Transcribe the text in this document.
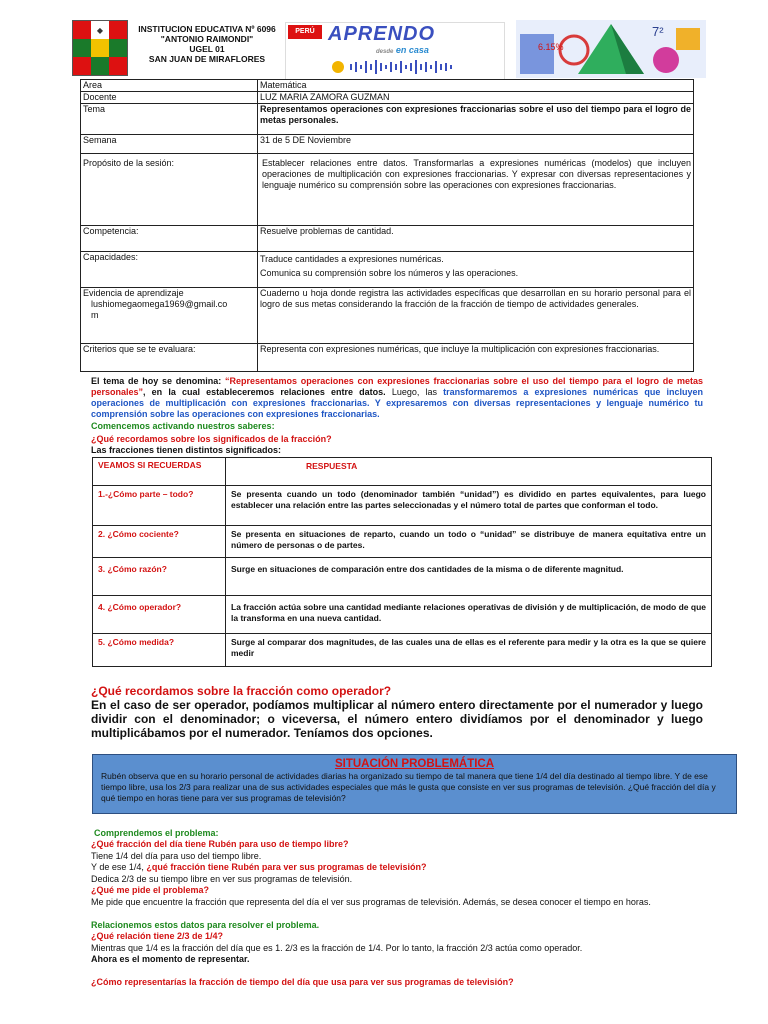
◆	INSTITUCION EDUCATIVA Nº 6096
"ANTONIO RAIMONDI"
UGEL 01
SAN JUAN DE MIRAFLORES
PERÚ APRENDO
desde en casa	6.15%
7²
Area	Matemática
Docente	LUZ MARIA ZAMORA GUZMAN
Tema	Representamos operaciones con expresiones fraccionarias sobre el uso del tiempo para el logro de metas personales.
Semana	31 de 5 DE Noviembre
Propósito de la sesión:	Establecer relaciones entre datos. Transformarlas a expresiones numéricas (modelos) que incluyen operaciones de multiplicación con expresiones fraccionarias. Y expresar con diversas representaciones y lenguaje numérico su comprensión sobre las operaciones con expresiones fraccionarias.
Competencia:	Resuelve problemas de cantidad.
Capacidades:	Traduce cantidades a expresiones numéricas.
Comunica su comprensión sobre los números y las operaciones.

Evidencia de aprendizaje
lushiomegaomega1969@gmail.co
m	Cuaderno u hoja donde registra las actividades específicas que desarrollan en su horario personal para el logro de sus metas considerando la fracción de la fracción de tiempo de actividades generales.
Criterios que se te evaluara:	Representa con expresiones numéricas, que incluye la multiplicación con expresiones fraccionarias.
El tema de hoy se denomina: “Representamos operaciones con expresiones fraccionarias sobre el uso del tiempo para el logro de metas personales”, en la cual estableceremos relaciones entre datos. Luego, las transformaremos a expresiones numéricas que incluyen operaciones de multiplicación con expresiones fraccionarias. Y expresaremos con diversas representaciones y lenguaje numérico tu comprensión sobre las operaciones con expresiones fraccionarias.
Comencemos activando nuestros saberes:
¿Qué recordamos sobre los significados de la fracción?
Las fracciones tienen distintos significados:
VEAMOS SI RECUERDAS	RESPUESTA
1.-¿Cómo parte – todo?	Se presenta cuando un todo (denominador también “unidad”) es dividido en partes equivalentes, para luego establecer una relación entre las partes seleccionadas y el número total de partes que conforman el todo.
2. ¿Cómo cociente?	Se presenta en situaciones de reparto, cuando un todo o “unidad” se distribuye de manera equitativa entre un número de personas o de partes.
3. ¿Cómo razón?	Surge en situaciones de comparación entre dos cantidades de la misma o de diferente magnitud.
4. ¿Cómo operador?	La fracción actúa sobre una cantidad mediante relaciones operativas de división y de multiplicación, de modo de que la transforma en una nueva cantidad.
5. ¿Cómo medida?	Surge al comparar dos magnitudes, de las cuales una de ellas es el referente para medir y la otra es la que se quiere medir
¿Qué recordamos sobre la fracción como operador?
En el caso de ser operador, podíamos multiplicar al número entero directamente por el numerador y luego dividir con el denominador; o viceversa, el número entero dividíamos por el denominador y luego multiplicábamos por el numerador. Teníamos dos opciones.
SITUACIÓN PROBLEMÁTICA
Rubén observa que en su horario personal de actividades diarias ha organizado su tiempo de tal manera que tiene 1/4 del día destinado al tiempo libre. Y de ese tiempo libre, usa los 2/3 para realizar una de sus actividades especiales que más le gusta que consiste en ver sus programas de televisión. ¿Qué fracción del día y qué tiempo en horas tiene para ver sus programas de televisión?
Comprendemos el problema:
¿Qué fracción del día tiene Rubén para uso de tiempo libre?
Tiene 1/4 del día para uso del tiempo libre.
Y de ese 1/4, ¿qué fracción tiene Rubén para ver sus programas de televisión?
Dedica 2/3 de su tiempo libre en ver sus programas de televisión.
¿Qué me pide el problema?
Me pide que encuentre la fracción que representa del día el ver sus programas de televisión. Además, se desea conocer el tiempo en horas.
Relacionemos estos datos para resolver el problema.
¿Qué relación tiene 2/3 de 1/4?
Mientras que 1/4 es la fracción del día que es 1. 2/3 es la fracción de 1/4. Por lo tanto, la fracción 2/3 actúa como operador.
Ahora es el momento de representar.
¿Cómo representarías la fracción de tiempo del día que usa para ver sus programas de televisión?
